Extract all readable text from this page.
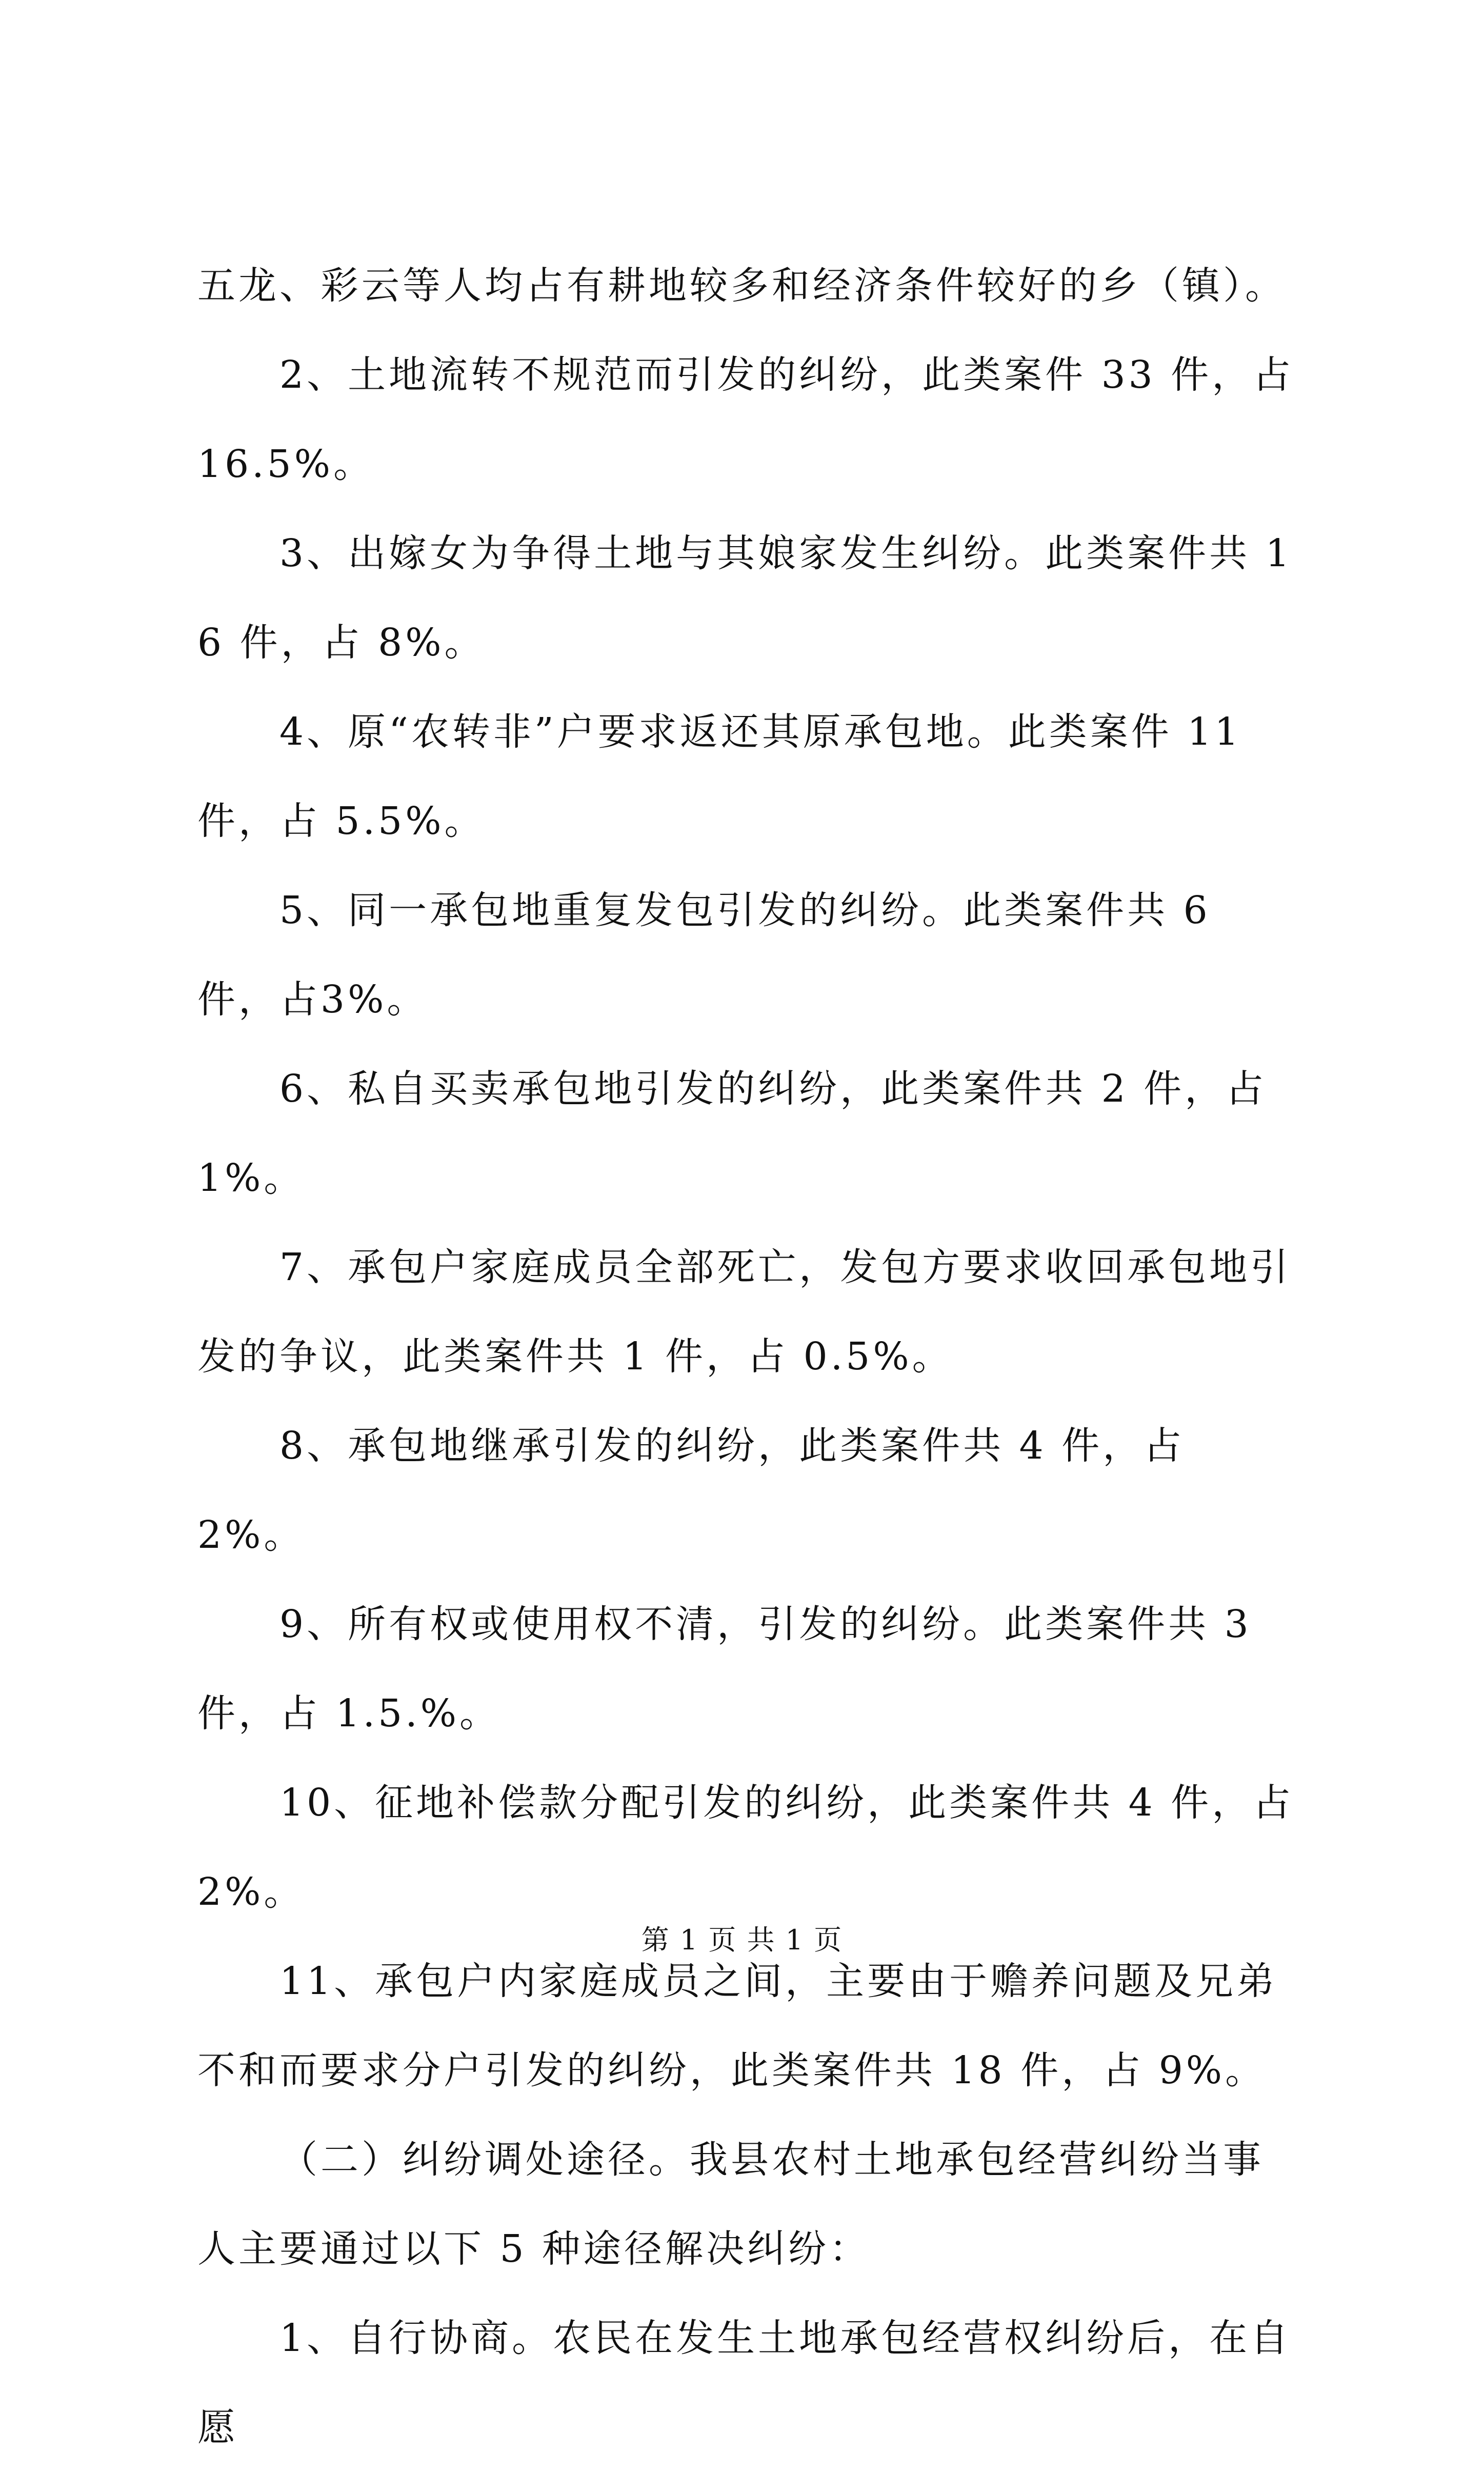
五龙、彩云等人均占有耕地较多和经济条件较好的乡（镇）。

2、土地流转不规范而引发的纠纷，此类案件 33 件，占16.5%。

3、出嫁女为争得土地与其娘家发生纠纷。此类案件共 16 件，占 8%。

4、原“农转非”户要求返还其原承包地。此类案件 11 件，占 5.5%。

5、同一承包地重复发包引发的纠纷。此类案件共 6 件，占3%。

6、私自买卖承包地引发的纠纷，此类案件共 2 件，占 1%。

7、承包户家庭成员全部死亡，发包方要求收回承包地引发的争议，此类案件共 1 件，占 0.5%。

8、承包地继承引发的纠纷，此类案件共 4 件，占 2%。

9、所有权或使用权不清，引发的纠纷。此类案件共 3 件，占 1.5.%。

10、征地补偿款分配引发的纠纷，此类案件共 4 件，占 2%。

11、承包户内家庭成员之间，主要由于赡养问题及兄弟不和而要求分户引发的纠纷，此类案件共 18 件，占 9%。

（二）纠纷调处途径。我县农村土地承包经营纠纷当事人主要通过以下 5 种途径解决纠纷：

1、自行协商。农民在发生土地承包经营权纠纷后，在自愿

第 1 页 共 1 页
